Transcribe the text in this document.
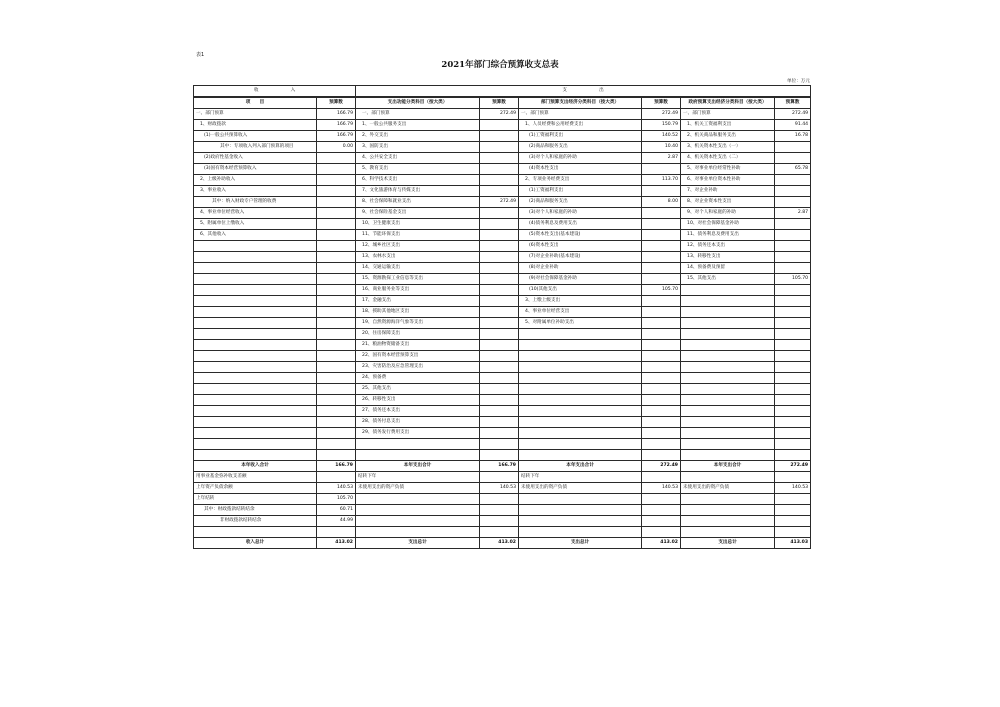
表1
2021年部门综合预算收支总表
单位：万元
收　　　　　　　入		支　　　　　　　出					
项　　目	预算数	支出功能分类科目（按大类）	预算数	部门预算支出经济分类科目（按大类）	预算数	政府预算支出经济分类科目（按大类）	预算数
一、部门预算	166.79	一、部门预算	272.49	一、部门预算	272.49	一、部门预算	272.49
1、财政拨款	166.79	1、一般公共服务支出		1、人员经费和公用经费支出	150.79	1、机关工资福利支出	91.44
(1)一般公共预算收入	166.79	2、外交支出		(1)工资福利支出	140.52	2、机关商品和服务支出	16.78
其中：专项收入列入部门预算的项目	0.00	3、国防支出		(2)商品和服务支出	10.40	3、机关资本性支出（一）	
(2)政府性基金收入		4、公共安全支出		(3)对个人和家庭的补助	2.87	4、机关资本性支出（二）	
(3)国有资本经营预算收入		5、教育支出		(4)资本性支出		5、对事业单位经常性补助	65.78
2、上级补助收入		6、科学技术支出		2、专项业务经费支出	113.70	6、对事业单位资本性补助	
3、事业收入		7、文化旅游体育与传媒支出		(1)工资福利支出		7、对企业补助	
其中：纳入财政专户管理的收费		8、社会保障和就业支出	272.49	(2)商品和服务支出	8.00	8、对企业资本性支出	
4、事业单位经营收入		9、社会保险基金支出		(3)对个人和家庭的补助		9、对个人和家庭的补助	2.87
5、附属单位上缴收入		10、卫生健康支出		(4)债务利息及费用支出		10、对社会保障基金补助	
6、其他收入		11、节能环保支出		(5)资本性支出(基本建设)		11、债务利息及费用支出	
		12、城乡社区支出		(6)资本性支出		12、债务还本支出	
		13、农林水支出		(7)对企业补助(基本建设)		13、转移性支出	
		14、交通运输支出		(8)对企业补助		14、预备费及预留	
		15、资源勘探工业信息等支出		(9)对社会保障基金补助		15、其他支出	105.70
		16、商业服务业等支出		(10)其他支出	105.70		
		17、金融支出		3、上缴上级支出			
		18、援助其他地区支出		4、事业单位经营支出			
		19、自然资源海洋气象等支出		5、对附属单位补助支出			
		20、住房保障支出					
		21、粮油物资储备支出					
		22、国有资本经营预算支出					
		23、灾害防治及应急管理支出					
		24、预备费					
		25、其他支出					
		26、转移性支出					
		27、债务还本支出					
		28、债务付息支出					
		29、债务发行费用支出					

本年收入合计	166.79	本年支出合计	166.79	本年支出合计	272.49	本年支出合计	272.49
用事业基金弥补收支差额		结转下年		结转下年			
上年资产负债余额	140.53	未使用支出的资产负债	140.53	未使用支出的资产负债	140.53	未使用支出的资产负债	140.53
上年结转	105.70						
其中：财政拨款结转结余	60.71						
非财政拨款结转结余	44.99						

收入总计	413.02	支出总计	413.02	支出总计	413.02	支出总计	413.03
